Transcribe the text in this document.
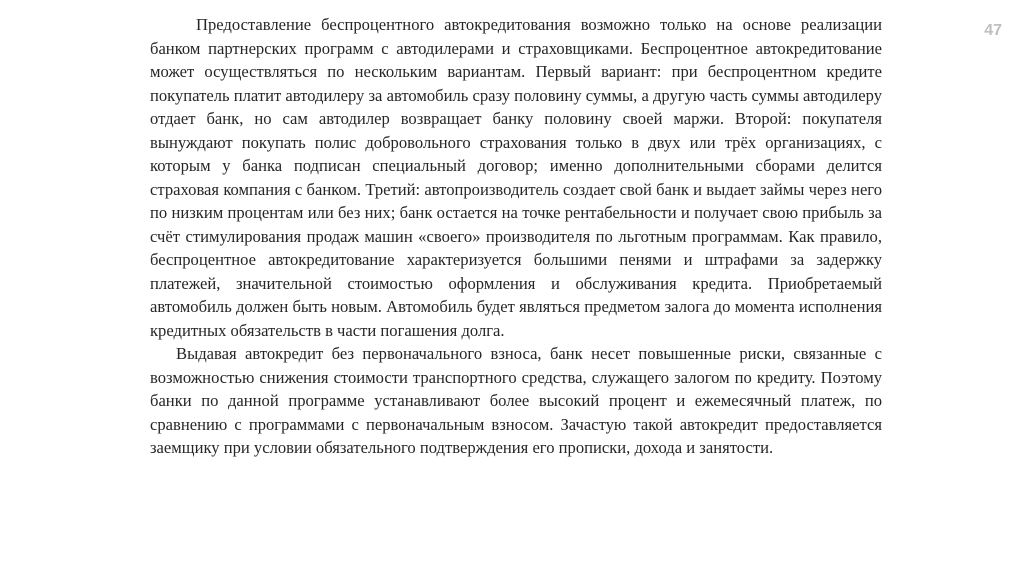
47

Предоставление беспроцентного автокредитования возможно только на основе реализации банком партнерских программ с автодилерами и страховщиками. Беспроцентное автокредитование может осуществляться по нескольким вариантам. Первый вариант: при беспроцентном кредите покупатель платит автодилеру за автомобиль сразу половину суммы, а другую часть суммы автодилеру отдает банк, но сам автодилер возвращает банку половину своей маржи. Второй: покупателя вынуждают покупать полис добровольного страхования только в двух или трёх организациях, с которым у банка подписан специальный договор; именно дополнительными сборами делится страховая компания с банком. Третий: автопроизводитель создает свой банк и выдает займы через него по низким процентам или без них; банк остается на точке рентабельности и получает свою прибыль за счёт стимулирования продаж машин «своего» производителя по льготным программам. Как правило, беспроцентное автокредитование характеризуется большими пенями и штрафами за задержку платежей, значительной стоимостью оформления и обслуживания кредита. Приобретаемый автомобиль должен быть новым. Автомобиль будет являться предметом залога до момента исполнения кредитных обязательств в части погашения долга.

Выдавая автокредит без первоначального взноса, банк несет повышенные риски, связанные с возможностью снижения стоимости транспортного средства, служащего залогом по кредиту. Поэтому банки по данной программе устанавливают более высокий процент и ежемесячный платеж, по сравнению с программами с первоначальным взносом. Зачастую такой автокредит предоставляется заемщику при условии обязательного подтверждения его прописки, дохода и занятости.
